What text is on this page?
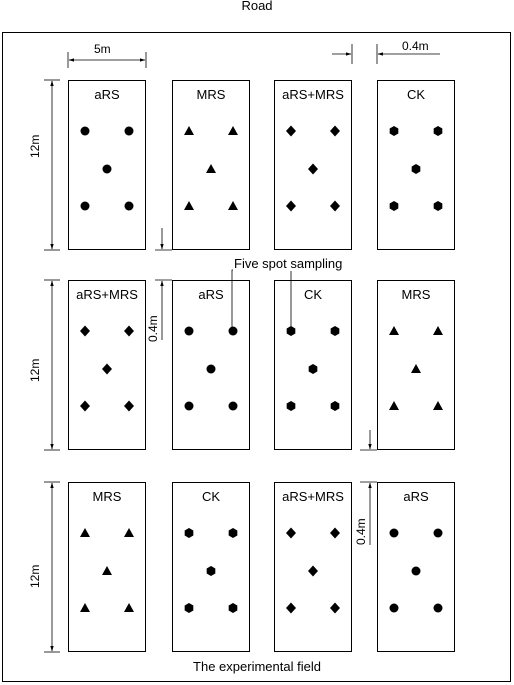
Road
aRS	MRS	aRS+MRS	CK
aRS+MRS	aRS	CK	MRS
MRS	CK	aRS+MRS	aRS
5m	0.4m
12m
12m
12m
0.4m
0.4m
Five spot sampling
The experimental field
